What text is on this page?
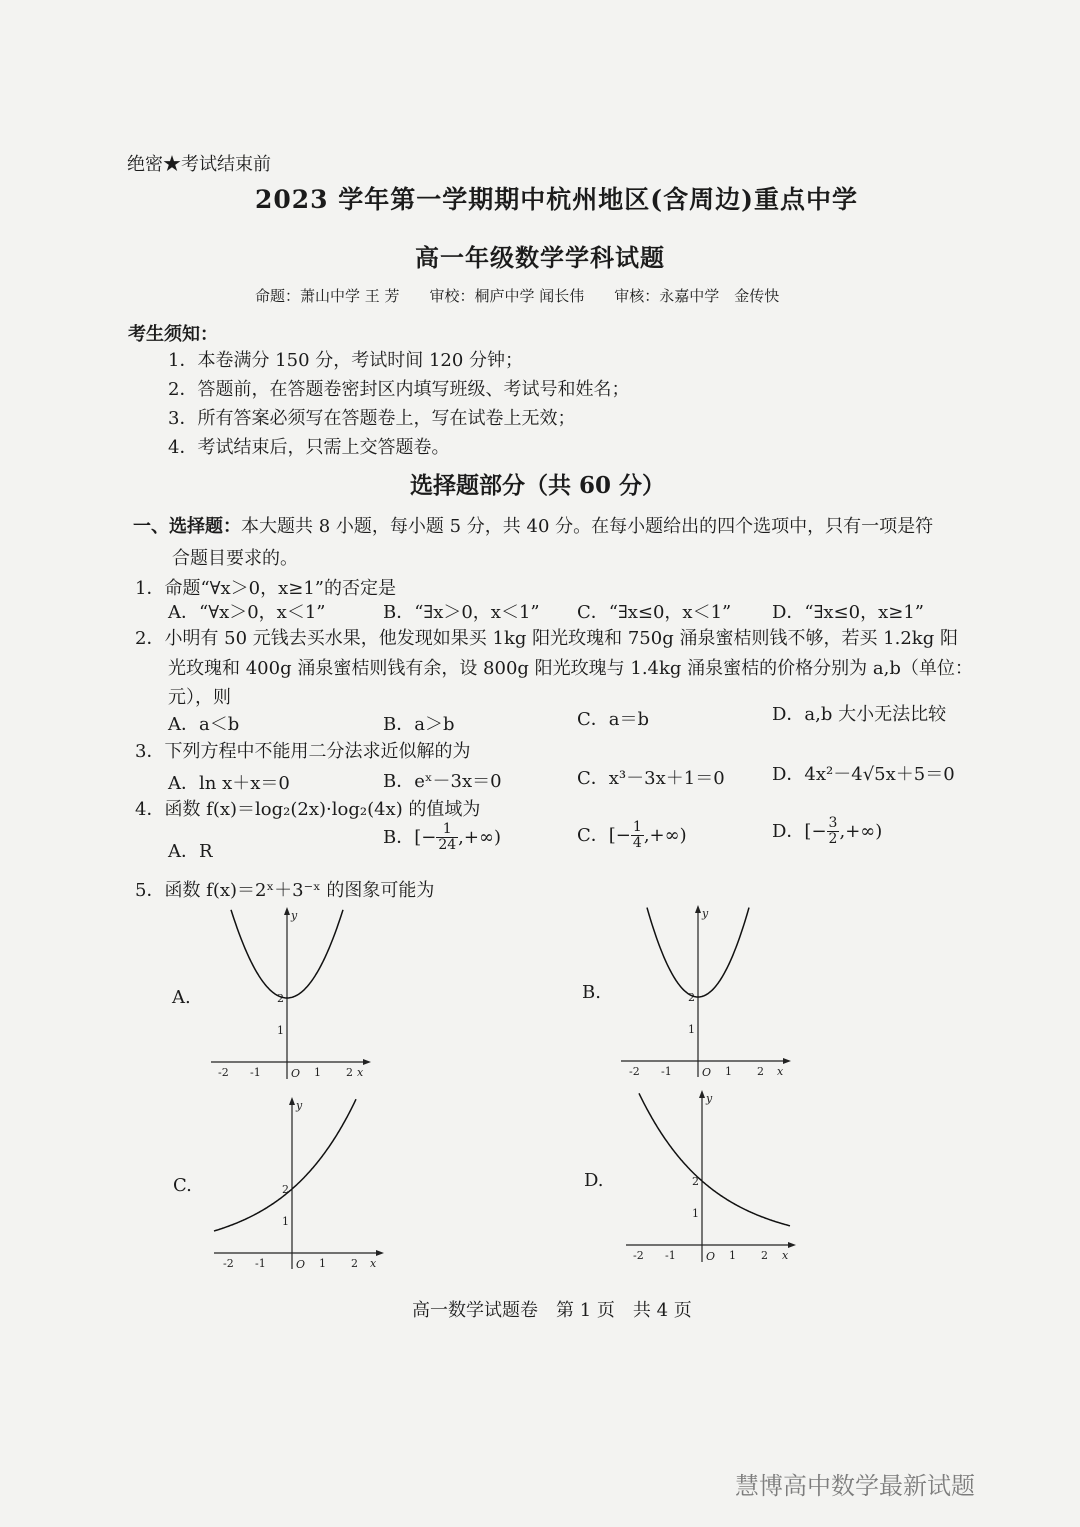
绝密★考试结束前
2023 学年第一学期期中杭州地区(含周边)重点中学
高一年级数学学科试题
命题：萧山中学 王 芳　　审校：桐庐中学 闻长伟　　审核：永嘉中学　金传快
考生须知：
1．本卷满分 150 分，考试时间 120 分钟；
2．答题前，在答题卷密封区内填写班级、考试号和姓名；
3．所有答案必须写在答题卷上，写在试卷上无效；
4．考试结束后，只需上交答题卷。
选择题部分（共 60 分）
一、选择题：本大题共 8 小题，每小题 5 分，共 40 分。在每小题给出的四个选项中，只有一项是符
合题目要求的。
1．命题“∀x＞0，x≥1”的否定是
A．“∀x＞0，x＜1”	B．“∃x＞0，x＜1” C．“∃x≤0，x＜1” D．“∃x≤0，x≥1”
2．小明有 50 元钱去买水果，他发现如果买 1kg 阳光玫瑰和 750g 涌泉蜜桔则钱不够，若买 1.2kg 阳
光玫瑰和 400g 涌泉蜜桔则钱有余，设 800g 阳光玫瑰与 1.4kg 涌泉蜜桔的价格分别为 a,b（单位：
元），则
A．a＜b	B．a＞b	C．a＝b	D．a,b 大小无法比较
3．下列方程中不能用二分法求近似解的为
A．ln x＋x＝0	B．eˣ－3x＝0	C．x³－3x＋1＝0	D．4x²－4√5x＋5＝0
4．函数 f(x)＝log₂(2x)·log₂(4x) 的值域为
A．R
B．[− $\frac{1}{24}$ ,+∞)	C．[− $\frac{1}{4}$ ,+∞)	D．[− $\frac{3}{2}$ ,+∞)
5．函数 f(x)＝2ˣ＋3⁻ˣ 的图象可能为
A.	B.
C.	D.
-2 -1	1 2
O	x
y
1
2
-2 -1	1 2
O	x
y
1
2
-2 -1	1 2
O	x
y
1
2
-2 -1	1 2
O	x
y
1
2
高一数学试题卷　第 1 页　共 4 页
慧博高中数学最新试题
